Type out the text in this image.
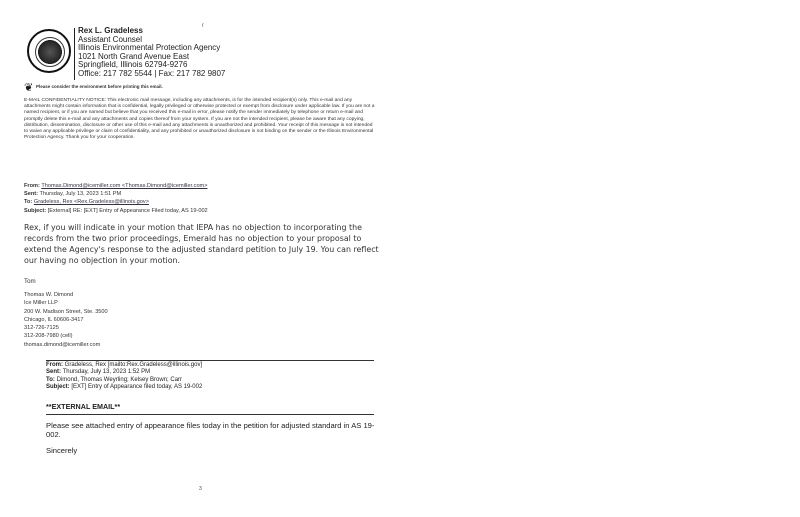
r
Rex L. Gradeless
Assistant Counsel
Illinois Environmental Protection Agency
1021 North Grand Avenue East
Springfield, Illinois 62794-9276
Office: 217 782 5544 | Fax: 217 782 9807
❦ Please consider the environment before printing this email.
E-MAIL CONFIDENTIALITY NOTICE: This electronic mail message, including any attachments, is for the intended recipient(s) only. This e-mail and any attachments might contain information that is confidential, legally privileged or otherwise protected or exempt from disclosure under applicable law. If you are not a named recipient, or if you are named but believe that you received this e-mail in error, please notify the sender immediately by telephone or return e-mail and promptly delete this e-mail and any attachments and copies thereof from your system. If you are not the intended recipient, please be aware that any copying, distribution, dissemination, disclosure or other use of this e-mail and any attachments is unauthorized and prohibited. Your receipt of this message is not intended to waive any applicable privilege or claim of confidentiality, and any prohibited or unauthorized disclosure is not binding on the sender or the Illinois Environmental Protection Agency. Thank you for your cooperation.
From: Thomas.Dimond@icemiller.com <Thomas.Dimond@icemiller.com>
Sent: Thursday, July 13, 2023 1:51 PM
To: Gradeless, Rex <Rex.Gradeless@illinois.gov>
Subject: [External] RE: [EXT] Entry of Appearance Filed today, AS 19-002
Rex, if you will indicate in your motion that IEPA has no objection to incorporating the records from the two prior proceedings, Emerald has no objection to your proposal to extend the Agency's response to the adjusted standard petition to July 19. You can reflect our having no objection in your motion.
Tom
Thomas W. Dimond
Ice Miller LLP
200 W. Madison Street, Ste. 3500
Chicago, IL 60606-3417
312-726-7125
312-208-7980 (cell)
thomas.dimond@icemiller.com
From: Gradeless, Rex [mailto:Rex.Gradeless@illinois.gov]
Sent: Thursday, July 13, 2023 1:52 PM
To: Dimond, Thomas Weyrling; Kelsey Brown; Carr
Subject: [EXT] Entry of Appearance filed today, AS 19-002
**EXTERNAL EMAIL**
Please see attached entry of appearance files today in the petition for adjusted standard in AS 19-002.
Sincerely
3
